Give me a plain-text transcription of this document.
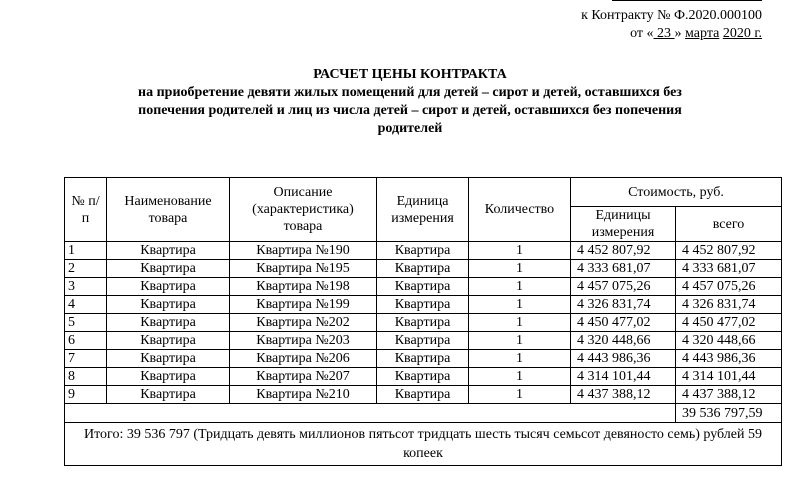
к Контракту № Ф.2020.000100
от « 23 » марта 2020 г.
РАСЧЕТ ЦЕНЫ КОНТРАКТА
на приобретение девяти жилых помещений для детей – сирот и детей, оставшихся без
попечения родителей и лиц из числа детей – сирот и детей, оставшихся без попечения
родителей
№ п/п	Наименование товара	Описание (характеристика) товара	Единица измерения	Количество	Стоимость, руб.	
					Единицы измерения	всего
1	Квартира	Квартира №190	Квартира	1	4 452 807,92	4 452 807,92
2	Квартира	Квартира №195	Квартира	1	4 333 681,07	4 333 681,07
3	Квартира	Квартира №198	Квартира	1	4 457 075,26	4 457 075,26
4	Квартира	Квартира №199	Квартира	1	4 326 831,74	4 326 831,74
5	Квартира	Квартира №202	Квартира	1	4 450 477,02	4 450 477,02
6	Квартира	Квартира №203	Квартира	1	4 320 448,66	4 320 448,66
7	Квартира	Квартира №206	Квартира	1	4 443 986,36	4 443 986,36
8	Квартира	Квартира №207	Квартира	1	4 314 101,44	4 314 101,44
9	Квартира	Квартира №210	Квартира	1	4 437 388,12	4 437 388,12
						39 536 797,59
Итого: 39 536 797 (Тридцать девять миллионов пятьсот тридцать шесть тысяч семьсот девяносто семь) рублей 59 копеек						
